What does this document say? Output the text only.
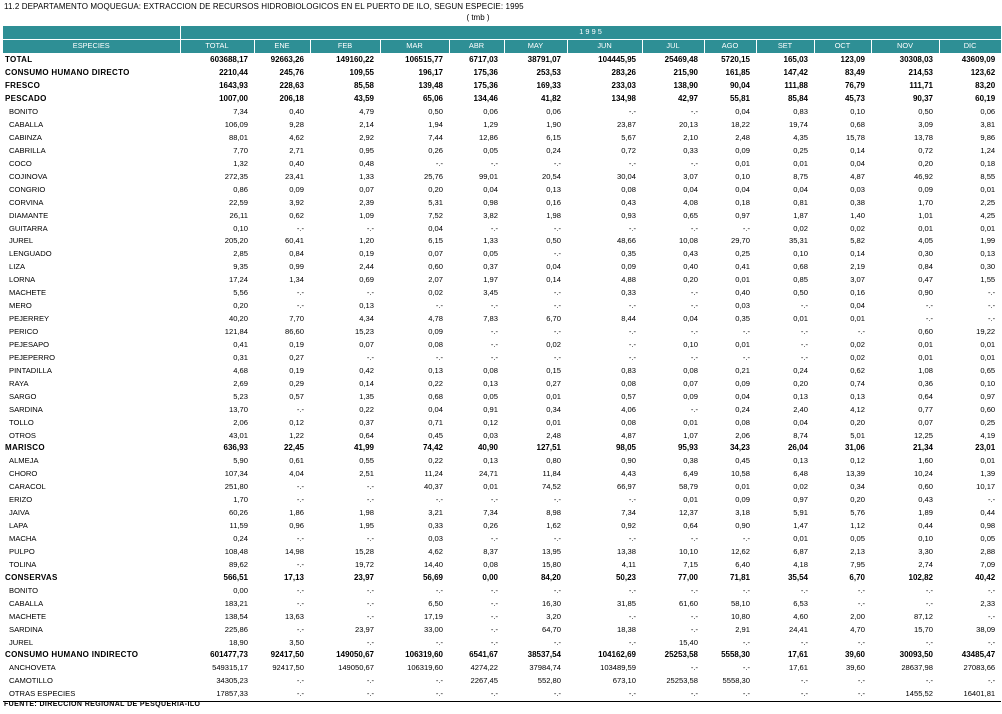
11.2 DEPARTAMENTO MOQUEGUA: EXTRACCION DE RECURSOS HIDROBIOLOGICOS EN EL PUERTO DE ILO, SEGUN ESPECIE: 1995
( tmb )
	1 9 9 5												
ESPECIES	TOTAL	ENE	FEB	MAR	ABR	MAY	JUN	JUL	AGO	SET	OCT	NOV	DIC
TOTAL	603688,17	92663,26	149160,22	106515,77	6717,03	38791,07	104445,95	25469,48	5720,15	165,03	123,09	30308,03	43609,09
CONSUMO HUMANO DIRECTO	2210,44	245,76	109,55	196,17	175,36	253,53	283,26	215,90	161,85	147,42	83,49	214,53	123,62
FRESCO	1643,93	228,63	85,58	139,48	175,36	169,33	233,03	138,90	90,04	111,88	76,79	111,71	83,20
PESCADO	1007,00	206,18	43,59	65,06	134,46	41,82	134,98	42,97	55,81	85,84	45,73	90,37	60,19
BONITO	7,34	0,40	4,79	0,50	0,06	0,06	-.-	-.-	0,04	0,83	0,10	0,50	0,06
CABALLA	106,09	9,28	2,14	1,94	1,29	1,90	23,87	20,13	18,22	19,74	0,68	3,09	3,81
CABINZA	88,01	4,62	2,92	7,44	12,86	6,15	5,67	2,10	2,48	4,35	15,78	13,78	9,86
CABRILLA	7,70	2,71	0,95	0,26	0,05	0,24	0,72	0,33	0,09	0,25	0,14	0,72	1,24
COCO	1,32	0,40	0,48	-.-	-.-	-.-	-.-	-.-	0,01	0,01	0,04	0,20	0,18
COJINOVA	272,35	23,41	1,33	25,76	99,01	20,54	30,04	3,07	0,10	8,75	4,87	46,92	8,55
CONGRIO	0,86	0,09	0,07	0,20	0,04	0,13	0,08	0,04	0,04	0,04	0,03	0,09	0,01
CORVINA	22,59	3,92	2,39	5,31	0,98	0,16	0,43	4,08	0,18	0,81	0,38	1,70	2,25
DIAMANTE	26,11	0,62	1,09	7,52	3,82	1,98	0,93	0,65	0,97	1,87	1,40	1,01	4,25
GUITARRA	0,10	-.-	-.-	0,04	-.-	-.-	-.-	-.-	-.-	0,02	0,02	0,01	0,01
JUREL	205,20	60,41	1,20	6,15	1,33	0,50	48,66	10,08	29,70	35,31	5,82	4,05	1,99
LENGUADO	2,85	0,84	0,19	0,07	0,05	-.-	0,35	0,43	0,25	0,10	0,14	0,30	0,13
LIZA	9,35	0,99	2,44	0,60	0,37	0,04	0,09	0,40	0,41	0,68	2,19	0,84	0,30
LORNA	17,24	1,34	0,69	2,07	1,97	0,14	4,88	0,20	0,01	0,85	3,07	0,47	1,55
MACHETE	5,56	-.-	-.-	0,02	3,45	-.-	0,33	-.-	0,40	0,50	0,16	0,90	-.-
MERO	0,20	-.-	0,13	-.-	-.-	-.-	-.-	-.-	0,03	-.-	0,04	-.-	-.-
PEJERREY	40,20	7,70	4,34	4,78	7,83	6,70	8,44	0,04	0,35	0,01	0,01	-.-	-.-
PERICO	121,84	86,60	15,23	0,09	-.-	-.-	-.-	-.-	-.-	-.-	-.-	0,60	19,22
PEJESAPO	0,41	0,19	0,07	0,08	-.-	0,02	-.-	0,10	0,01	-.-	0,02	0,01	0,01
PEJEPERRO	0,31	0,27	-.-	-.-	-.-	-.-	-.-	-.-	-.-	-.-	0,02	0,01	0,01
PINTADILLA	4,68	0,19	0,42	0,13	0,08	0,15	0,83	0,08	0,21	0,24	0,62	1,08	0,65
RAYA	2,69	0,29	0,14	0,22	0,13	0,27	0,08	0,07	0,09	0,20	0,74	0,36	0,10
SARGO	5,23	0,57	1,35	0,68	0,05	0,01	0,57	0,09	0,04	0,13	0,13	0,64	0,97
SARDINA	13,70	-.-	0,22	0,04	0,91	0,34	4,06	-.-	0,24	2,40	4,12	0,77	0,60
TOLLO	2,06	0,12	0,37	0,71	0,12	0,01	0,08	0,01	0,08	0,04	0,20	0,07	0,25
OTROS	43,01	1,22	0,64	0,45	0,03	2,48	4,87	1,07	2,06	8,74	5,01	12,25	4,19
MARISCO	636,93	22,45	41,99	74,42	40,90	127,51	98,05	95,93	34,23	26,04	31,06	21,34	23,01
ALMEJA	5,90	0,61	0,55	0,22	0,13	0,80	0,90	0,38	0,45	0,13	0,12	1,60	0,01
CHORO	107,34	4,04	2,51	11,24	24,71	11,84	4,43	6,49	10,58	6,48	13,39	10,24	1,39
CARACOL	251,80	-.-	-.-	40,37	0,01	74,52	66,97	58,79	0,01	0,02	0,34	0,60	10,17
ERIZO	1,70	-.-	-.-	-.-	-.-	-.-	-.-	0,01	0,09	0,97	0,20	0,43	-.-
JAIVA	60,26	1,86	1,98	3,21	7,34	8,98	7,34	12,37	3,18	5,91	5,76	1,89	0,44
LAPA	11,59	0,96	1,95	0,33	0,26	1,62	0,92	0,64	0,90	1,47	1,12	0,44	0,98
MACHA	0,24	-.-	-.-	0,03	-.-	-.-	-.-	-.-	-.-	0,01	0,05	0,10	0,05
PULPO	108,48	14,98	15,28	4,62	8,37	13,95	13,38	10,10	12,62	6,87	2,13	3,30	2,88
TOLINA	89,62	-.-	19,72	14,40	0,08	15,80	4,11	7,15	6,40	4,18	7,95	2,74	7,09
CONSERVAS	566,51	17,13	23,97	56,69	0,00	84,20	50,23	77,00	71,81	35,54	6,70	102,82	40,42
BONITO	0,00	-.-	-.-	-.-	-.-	-.-	-.-	-.-	-.-	-.-	-.-	-.-	-.-
CABALLA	183,21	-.-	-.-	6,50	-.-	16,30	31,85	61,60	58,10	6,53	-.-	-.-	2,33
MACHETE	138,54	13,63	-.-	17,19	-.-	3,20	-.-	-.-	10,80	4,60	2,00	87,12	-.-
SARDINA	225,86	-.-	23,97	33,00	-.-	64,70	18,38	-.-	2,91	24,41	4,70	15,70	38,09
JUREL	18,90	3,50	-.-	-.-	-.-	-.-	-.-	15,40	-.-	-.-	-.-	-.-	-.-
CONSUMO HUMANO INDIRECTO	601477,73	92417,50	149050,67	106319,60	6541,67	38537,54	104162,69	25253,58	5558,30	17,61	39,60	30093,50	43485,47
ANCHOVETA	549315,17	92417,50	149050,67	106319,60	4274,22	37984,74	103489,59	-.-	-.-	17,61	39,60	28637,98	27083,66
CAMOTILLO	34305,23	-.-	-.-	-.-	2267,45	552,80	673,10	25253,58	5558,30	-.-	-.-	-.-	-.-
OTRAS ESPECIES	17857,33	-.-	-.-	-.-	-.-	-.-	-.-	-.-	-.-	-.-	-.-	1455,52	16401,81
FUENTE: DIRECCION REGIONAL DE PESQUERIA-ILO
